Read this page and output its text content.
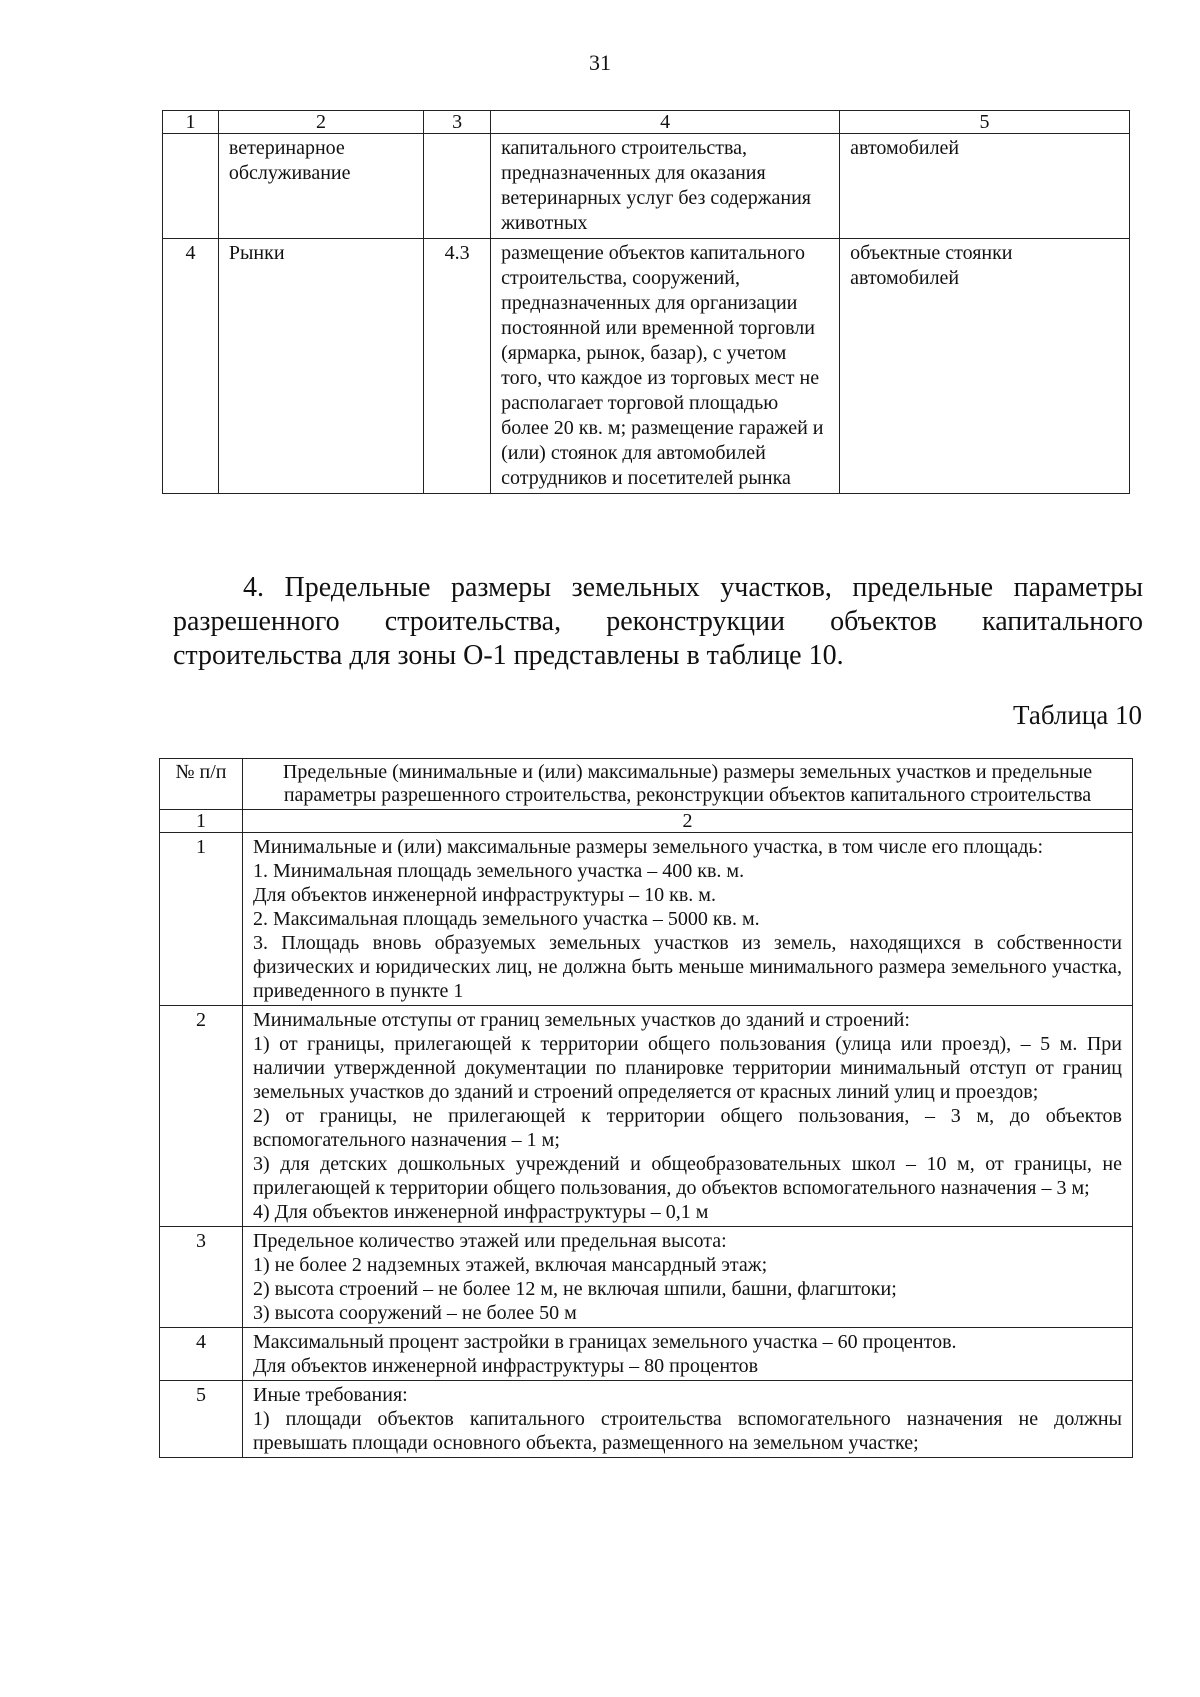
31
1	2	3	4	5
	ветеринарное обслуживание		капитального строительства, предназначенных для оказания ветеринарных услуг без содержания животных	автомобилей
4	Рынки	4.3	размещение объектов капитального строительства, сооружений, предназначенных для организации постоянной или временной торговли (ярмарка, рынок, базар), с учетом того, что каждое из торговых мест не располагает торговой площадью более 20 кв. м; размещение гаражей и (или) стоянок для автомобилей сотрудников и посетителей рынка	объектные стоянки автомобилей
4. Предельные размеры земельных участков, предельные параметры разрешенного строительства, реконструкции объектов капитального строительства для зоны О-1 представлены в таблице 10.
Таблица 10
№ п/п	Предельные (минимальные и (или) максимальные) размеры земельных участков и предельные параметры разрешенного строительства, реконструкции объектов капитального строительства
1	2
1	Минимальные и (или) максимальные размеры земельного участка, в том числе его площадь:
1. Минимальная площадь земельного участка – 400 кв. м.
Для объектов инженерной инфраструктуры – 10 кв. м.
2. Максимальная площадь земельного участка – 5000 кв. м.
3. Площадь вновь образуемых земельных участков из земель, находящихся в собственности физических и юридических лиц, не должна быть меньше минимального размера земельного участка, приведенного в пункте 1

2	Минимальные отступы от границ земельных участков до зданий и строений:
1) от границы, прилегающей к территории общего пользования (улица или проезд), – 5 м. При наличии утвержденной документации по планировке территории минимальный отступ от границ земельных участков до зданий и строений определяется от красных линий улиц и проездов;
2) от границы, не прилегающей к территории общего пользования, – 3 м, до объектов вспомогательного назначения – 1 м;
3) для детских дошкольных учреждений и общеобразовательных школ – 10 м, от границы, не прилегающей к территории общего пользования, до объектов вспомогательного назначения – 3 м;
4) Для объектов инженерной инфраструктуры – 0,1 м

3	Предельное количество этажей или предельная высота:
1) не более 2 надземных этажей, включая мансардный этаж;
2) высота строений – не более 12 м, не включая шпили, башни, флагштоки;
3) высота сооружений – не более 50 м

4	Максимальный процент застройки в границах земельного участка – 60 процентов.
Для объектов инженерной инфраструктуры – 80 процентов

5	Иные требования:
1) площади объектов капитального строительства вспомогательного назначения не должны превышать площади основного объекта, размещенного на земельном участке;
